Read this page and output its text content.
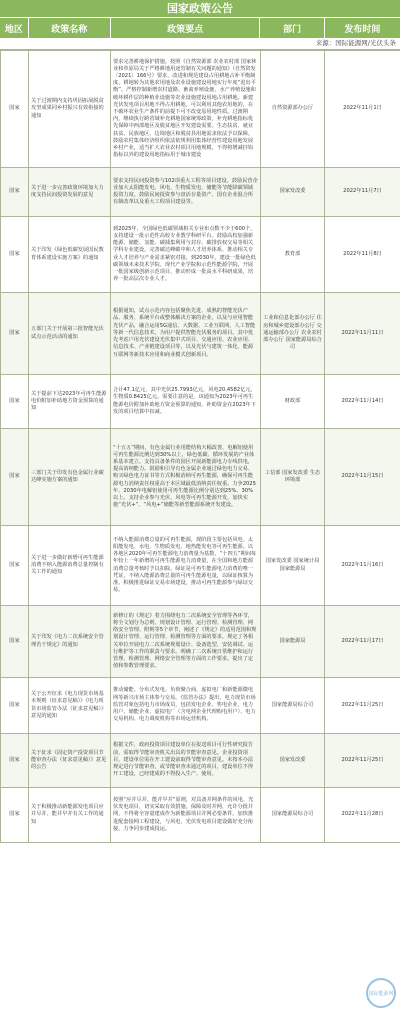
国家政策公告
地区	政策名称	政策要点	部门	发布时间
来源：国际能源网/光伏头条
国家	关于过渡期内支持巩固拓展脱贫攻坚成果同乡村振兴有效衔接的通知	要求完善耕地保护措施。按照《自然资源部 农业农村部 国家林业和草原局关于严格耕地用途管制有关问题的通知》（自然资发〔2021〕166号）要求，改进和规范建设占用耕地占补平衡制度，耕地转为其他农用地及农业设施建设用地实行年度“进出平衡”。严格控制新增农村道路、畜禽养殖设施、水产养殖设施和破坏耕作层的种植业设施等农业设施建设用地占用耕地。新建光伏发电项目用地不得占用耕地，可以利用其他农用地的，在不破坏农业生产条件的前提下可不改变原用地性质。过渡期内，继续执行跨省域补充耕地国家统筹政策，补充耕地指标优先保障中西部地区及脱贫地区开发建设需要。生态扶贫、就业扶贫、民族地区、边境地区和脱贫县用地需求依法予以保障。鼓励农村集体经济组织依法依规利用集体经营性建设用地发展乡村产业，适当扩大农业农村项目用地规模，不得将增减挂钩指标以外的建设用地指标用于城市建设	自然资源部办公厅	2022年11月1日
国家	关于进一步完善政策环境加大力度支持民间投资发展的意见	要求支持民间投资参与102项重大工程等项目建设。鼓励民营企业加大太阳能发电、风电、生物质发电、储能等节能降碳领域投资力度。鼓励民间投资参与盘活存量资产、国有企业混合所有制改革以及重大工程项目建设等。	国家发改委	2022年11月7日
国家	关于印发《绿色低碳发展国民教育体系建设实施方案》的通知	到2025年，全国绿色低碳领域相关专业布点数不少于600个，支持建设一批示范性高校专业教学科研平台。鼓励高校加强新能源、储能、氢能、碳捕集利用与封存、碳排放权交易等相关学科专业建设，完善碳达峰碳中和人才培养体系，推动相关专业人才培养与产业需求紧密对接。到2030年，建设一批绿色低碳领域未来技术学院、现代产业学院和示范性能源学院，开展一批国家级创新示范项目，推动形成一批高水平科研成果，培养一批高层次专业人才。	教育部	2022年11月8日
国家	五部门关于开展第三批智能光伏试点示范活动的通知	根据通知，试点示范内容包括聚焦先进、成熟的智能光伏产品、服务、系统平台或整体解决方案的企业，以及与应用智能光伏产品，融合运用5G通信、大数据、工业互联网、人工智能等新一代信息技术，为用户提供智能光伏服务的项目。其中优先考虑户用光伏建设光伏集中式项目、交通应用、农业应用、信息技术、产业链建设项目等，以及光伏与建筑一体化、能源互联网等新技术应用和商业模式创新项目。	工业和信息化部办公厅 住房和城乡建设部办公厅 交通运输部办公厅 农业农村部办公厅 国家能源局综合司	2022年11月11日
国家	关于提前下达2023年可再生能源电价附加补助地方资金预算的通知	合计47.1亿元，其中光伏25.7993亿元，风电20.4582亿元，生物质0.8425亿元。需要注意的是，该通知为2023年可再生能源电价附加补助地方资金预算的通知，补助资金在2023年下发的项目结算中扣减。	财政部	2022年11月14日
国家	三部门关于印发有色金属行业碳达峰实施方案的通知	“十五五”期间，有色金属行业用能结构大幅改善，电解铝使用可再生能源比例达到30%以上，绿色低碳、循环发展的产业体系基本建立。支持具备条件的园区开展新能源电力专线供电，提高消纳能力。鼓励和引导有色金属企业通过绿色电力交易、购买绿色电力证书等方式积极消纳可再生能源，确保可再生能源电力消纳责任权重高于本区域最低消纳责任权重。力争2025年、2030年电解铝使用可再生能源比例分别达到25%、30%以上。支持企业参与光伏、风电等可再生能源开发，加快实施“光伏+”、“风电+”储能等新型能源系统开发建设。	工信部 国家发改委 生态环境部	2022年11月15日
国家	关于进一步做好新增可再生能源消费不纳入能源消费总量控制有关工作的通知	不纳入能源消费总量的可再生能源，现阶段主要包括风电、太阳能发电、水电、生物质发电、地热能发电等可再生能源。以各地区2020年可再生能源电力消费量为基数，“十四五”期间每年较上一年新增的可再生能源电力消费量，在全国和地方能源消费总量考核时予以扣除。绿证是可再生能源电力消费的唯一凭证，不纳入能源消费总量的可再生能源电量，以绿证核算为准。积极推进绿证交易市场建设，推动可再生能源参与绿证交易。	国家发改委 国家统计局 国家能源局	2022年11月16日
国家	关于印发《电力二次系统安全管理若干规定》的通知	新修订的《规定》着力围绕电力二次系统安全管理等各环节，将全文划分为总则、规划设计管理、运行管理、检测管理、网络安全管理、附则等5个章节，阐述了《规定》的适用范围和规划设计管理、运行管理、检测管理等方面的要求，规定了各相关单位开展电力二次系统规划设计、设备选型、安装调试、运行维护等工作的职责与要求。明确了二次系统日常维护和运行管理、检测管理、网络安全管理等方面的工作要求，提出了定值和参数管理要求。	国家能源局	2022年11月17日
国家	关于公开征求《电力现货市场基本规则（征求意见稿）》《电力现货市场监管办法（征求意见稿）》意见的通知	推动储能、分布式发电、负荷聚合商、虚拟电厂和新能源微电网等新兴市场主体参与交易。《监管办法》提出，电力现货市场监管对象包括电力市场成员，包括发电企业、售电企业、电力用户、储能企业、虚拟电厂（含电网企业代理购电用户）、电力交易机构、电力调度机构等市场运营机构。	国家能源局综合司	2022年11月25日
国家	关于征求《固定资产投资项目节能审查办法（征求意见稿）》意见的公告	根据文件，政府投资项目建设单位在报送项目可行性研究报告前，需取得节能审查机关出具的节能审查意见。企业投资项目，建设单位需在开工建设前取得节能审查意见。未按本办法规定进行节能审查，或节能审查未通过的项目，建设单位不得开工建设，已经建成的不得投入生产、使用。	国家发改委	2022年11月25日
国家	关于积极推动新能源发电项目应并尽并、能并早并有关工作的通知	按照“应并尽并、能并早并”原则，对具备并网条件的风电、光伏发电项目，切实采取有效措施，保障及时并网，允许分批并网，不得将全容量建成作为新能源项目并网必要条件。加快推进配套接网工程建设，与风电、光伏发电项目建设做好充分衔接，力争同步建成投运。	国家能源局综合司	2022年11月28日
国际能源网
